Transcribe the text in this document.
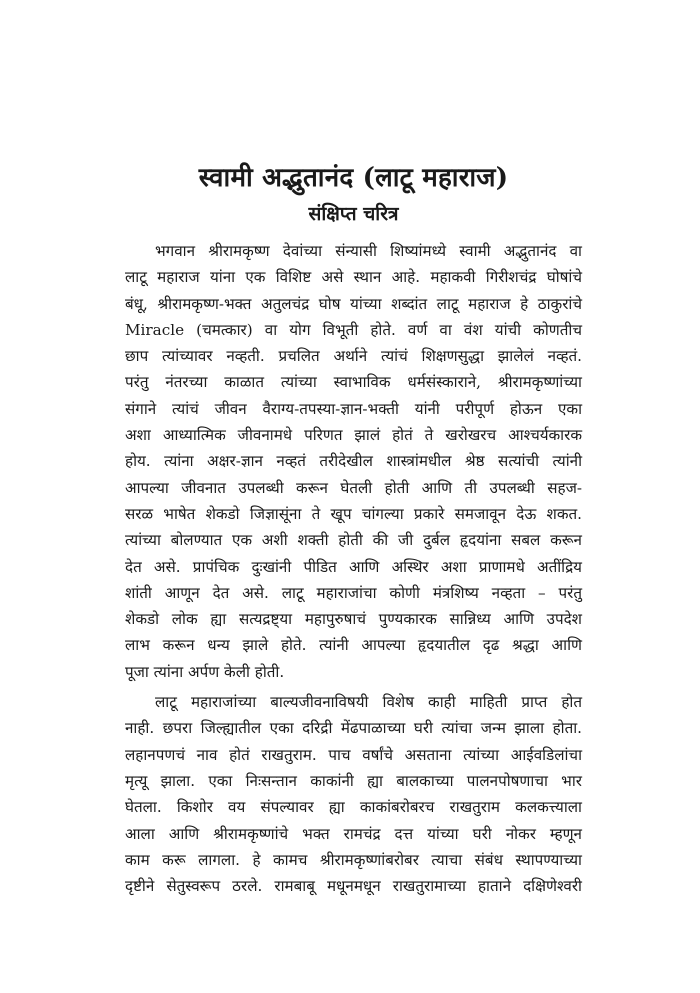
स्वामी अद्भुतानंद (लाटू महाराज)
संक्षिप्त चरित्र

भगवान श्रीरामकृष्ण देवांच्या संन्यासी शिष्यांमध्ये स्वामी अद्भुतानंद वा

लाटू महाराज यांना एक विशिष्ट असे स्थान आहे. महाकवी गिरीशचंद्र घोषांचे

बंधू, श्रीरामकृष्ण-भक्त अतुलचंद्र घोष यांच्या शब्दांत लाटू महाराज हे ठाकुरांचे

Miracle (चमत्कार) वा योग विभूती होते. वर्ण वा वंश यांची कोणतीच

छाप त्यांच्यावर नव्हती. प्रचलित अर्थाने त्यांचं शिक्षणसुद्धा झालेलं नव्हतं.

परंतु नंतरच्या काळात त्यांच्या स्वाभाविक धर्मसंस्काराने, श्रीरामकृष्णांच्या

संगाने त्यांचं जीवन वैराग्य-तपस्या-ज्ञान-भक्ती यांनी परीपूर्ण होऊन एका

अशा आध्यात्मिक जीवनामधे परिणत झालं होतं ते खरोखरच आश्चर्यकारक

होय. त्यांना अक्षर-ज्ञान नव्हतं तरीदेखील शास्त्रांमधील श्रेष्ठ सत्यांची त्यांनी

आपल्या जीवनात उपलब्धी करून घेतली होती आणि ती उपलब्धी सहज-

सरळ भाषेत शेकडो जिज्ञासूंना ते खूप चांगल्या प्रकारे समजावून देऊ शकत.

त्यांच्या बोलण्यात एक अशी शक्ती होती की जी दुर्बल हृदयांना सबल करून

देत असे. प्रापंचिक दुःखांनी पीडित आणि अस्थिर अशा प्राणामधे अतींद्रिय

शांती आणून देत असे. लाटू महाराजांचा कोणी मंत्रशिष्य नव्हता – परंतु

शेकडो लोक ह्या सत्यद्रष्ट्या महापुरुषाचं पुण्यकारक सान्निध्य आणि उपदेश

लाभ करून धन्य झाले होते. त्यांनी आपल्या हृदयातील दृढ श्रद्धा आणि

पूजा त्यांना अर्पण केली होती.

लाटू महाराजांच्या बाल्यजीवनाविषयी विशेष काही माहिती प्राप्त होत

नाही. छपरा जिल्ह्यातील एका दरिद्री मेंढपाळाच्या घरी त्यांचा जन्म झाला होता.

लहानपणचं नाव होतं राखतुराम. पाच वर्षांचे असताना त्यांच्या आईवडिलांचा

मृत्यू झाला. एका निःसन्तान काकांनी ह्या बालकाच्या पालनपोषणाचा भार

घेतला. किशोर वय संपल्यावर ह्या काकांबरोबरच राखतुराम कलकत्त्याला

आला आणि श्रीरामकृष्णांचे भक्त रामचंद्र दत्त यांच्या घरी नोकर म्हणून

काम करू लागला. हे कामच श्रीरामकृष्णांबरोबर त्याचा संबंध स्थापण्याच्या

दृष्टीने सेतुस्वरूप ठरले. रामबाबू मधूनमधून राखतुरामाच्या हाताने दक्षिणेश्वरी
